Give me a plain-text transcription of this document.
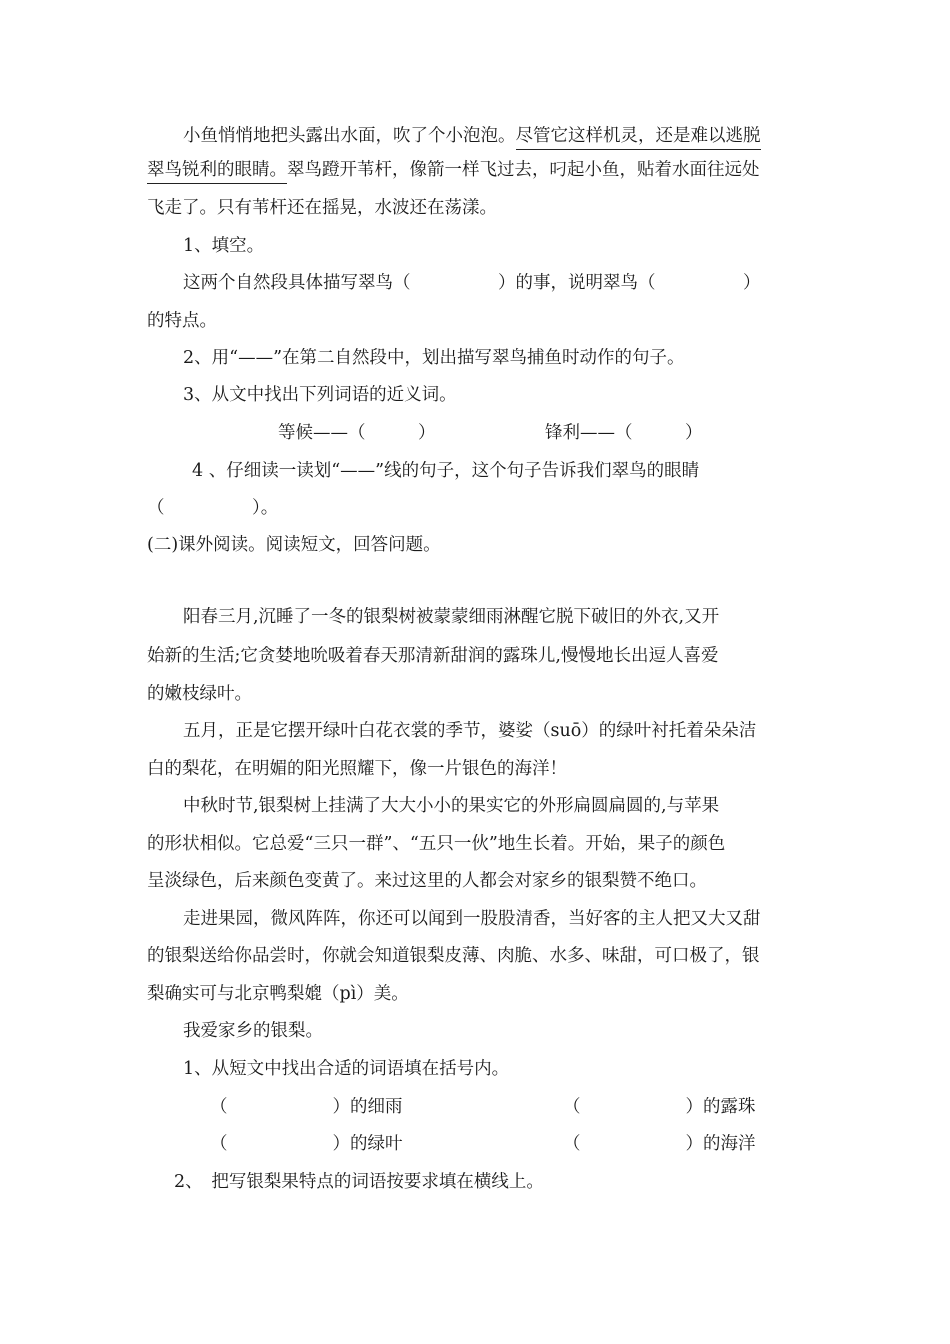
小鱼悄悄地把头露出水面，吹了个小泡泡。尽管它这样机灵，还是难以逃脱
翠鸟锐利的眼睛。翠鸟蹬开苇杆，像箭一样飞过去，叼起小鱼，贴着水面往远处
飞走了。只有苇杆还在摇晃，水波还在荡漾。
1、填空。
这两个自然段具体描写翠鸟（　　　　　）的事，说明翠鸟（　　　　　）
的特点。
2、用“——”在第二自然段中，划出描写翠鸟捕鱼时动作的句子。
3、从文中找出下列词语的近义词。
等候——（　　　）	锋利——（　　　）
4 、仔细读一读划“——”线的句子，这个句子告诉我们翠鸟的眼睛
（　　　　　）。
(二)课外阅读。阅读短文，回答问题。
阳春三月,沉睡了一冬的银梨树被蒙蒙细雨淋醒它脱下破旧的外衣,又开
始新的生活;它贪婪地吮吸着春天那清新甜润的露珠儿,慢慢地长出逗人喜爱
的嫩枝绿叶。
五月，正是它摆开绿叶白花衣裳的季节，婆娑（suō）的绿叶衬托着朵朵洁
白的梨花，在明媚的阳光照耀下，像一片银色的海洋！
中秋时节,银梨树上挂满了大大小小的果实它的外形扁圆扁圆的,与苹果
的形状相似。它总爱“三只一群”、“五只一伙”地生长着。开始，果子的颜色
呈淡绿色，后来颜色变黄了。来过这里的人都会对家乡的银梨赞不绝口。
走进果园，微风阵阵，你还可以闻到一股股清香，当好客的主人把又大又甜
的银梨送给你品尝时，你就会知道银梨皮薄、肉脆、水多、味甜，可口极了，银
梨确实可与北京鸭梨媲（pì）美。
我爱家乡的银梨。
1、从短文中找出合适的词语填在括号内。
（　　　　　　）的细雨	（　　　　　　）的露珠
（　　　　　　）的绿叶	（　　　　　　）的海洋
2、　把写银梨果特点的词语按要求填在横线上。
